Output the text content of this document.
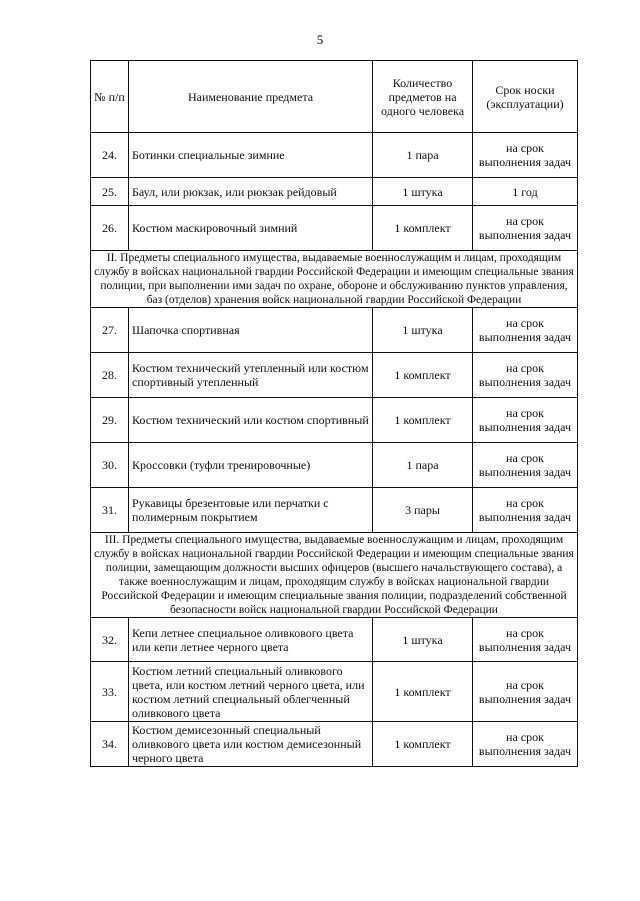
5
№ п/п	Наименование предмета	Количество предметов на одного человека	Срок носки (эксплуатации)
24.	Ботинки специальные зимние	1 пара	на срок выполнения задач
25.	Баул, или рюкзак, или рюкзак рейдовый	1 штука	1 год
26.	Костюм маскировочный зимний	1 комплект	на срок выполнения задач
II. Предметы специального имущества, выдаваемые военнослужащим и лицам, проходящим службу в войсках национальной гвардии Российской Федерации и имеющим специальные звания полиции, при выполнении ими задач по охране, обороне и обслуживанию пунктов управления, баз (отделов) хранения войск национальной гвардии Российской Федерации			
27.	Шапочка спортивная	1 штука	на срок выполнения задач
28.	Костюм технический утепленный или костюм спортивный утепленный	1 комплект	на срок выполнения задач
29.	Костюм технический или костюм спортивный	1 комплект	на срок выполнения задач
30.	Кроссовки (туфли тренировочные)	1 пара	на срок выполнения задач
31.	Рукавицы брезентовые или перчатки с полимерным покрытием	3 пары	на срок выполнения задач
III. Предметы специального имущества, выдаваемые военнослужащим и лицам, проходящим службу в войсках национальной гвардии Российской Федерации и имеющим специальные звания полиции, замещающим должности высших офицеров (высшего начальствующего состава), а также военнослужащим и лицам, проходящим службу в войсках национальной гвардии Российской Федерации и имеющим специальные звания полиции, подразделений собственной безопасности войск национальной гвардии Российской Федерации			
32.	Кепи летнее специальное оливкового цвета или кепи летнее черного цвета	1 штука	на срок выполнения задач
33.	Костюм летний специальный оливкового цвета, или костюм летний черного цвета, или костюм летний специальный облегченный оливкового цвета	1 комплект	на срок выполнения задач
34.	Костюм демисезонный специальный оливкового цвета или костюм демисезонный черного цвета	1 комплект	на срок выполнения задач
